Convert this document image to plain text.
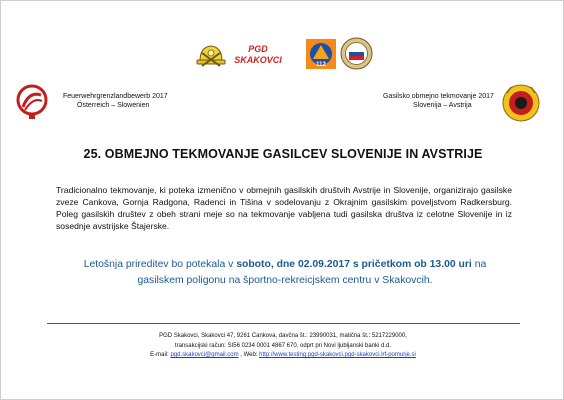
PGD
SKAKOVCI	112
Feuerwehrgrenzlandbewerb 2017
Österreich – Slowenien
Gasilsko obmejno tekmovanje 2017
Slovenija – Avstrija
25. OBMEJNO TEKMOVANJE GASILCEV SLOVENIJE IN AVSTRIJE
Tradicionalno tekmovanje, ki poteka izmenično v obmejnih gasilskih društvih Avstrije in Slovenije, organizirajo gasilske zveze Cankova, Gornja Radgona, Radenci in Tišina v sodelovanju z Okrajnim gasilskim poveljstvom Radkersburg. Poleg gasilskih društev z obeh strani meje so na tekmovanje vabljena tudi gasilska društva iz celotne Slovenije in iz sosednje avstrijske Štajerske.
Letošnja prireditev bo potekala v soboto, dne 02.09.2017 s pričetkom ob 13.00 uri na gasilskem poligonu na športno-rekreicjskem centru v Skakovcih.
PGD Skakovci, Skakovci 47, 9261 Cankova, davčna št.: 23990031, matična št.: 5217229000,
transakcijski račun: SI56 0234 0001 4867 670, odprt pri Novi ljubljanski banki d.d.
E-mail: pgd.skakovci@gmail.com , Web: http://www.testing.pgd-skakovci.pgd-skakovci.lrf-pomurje.si
